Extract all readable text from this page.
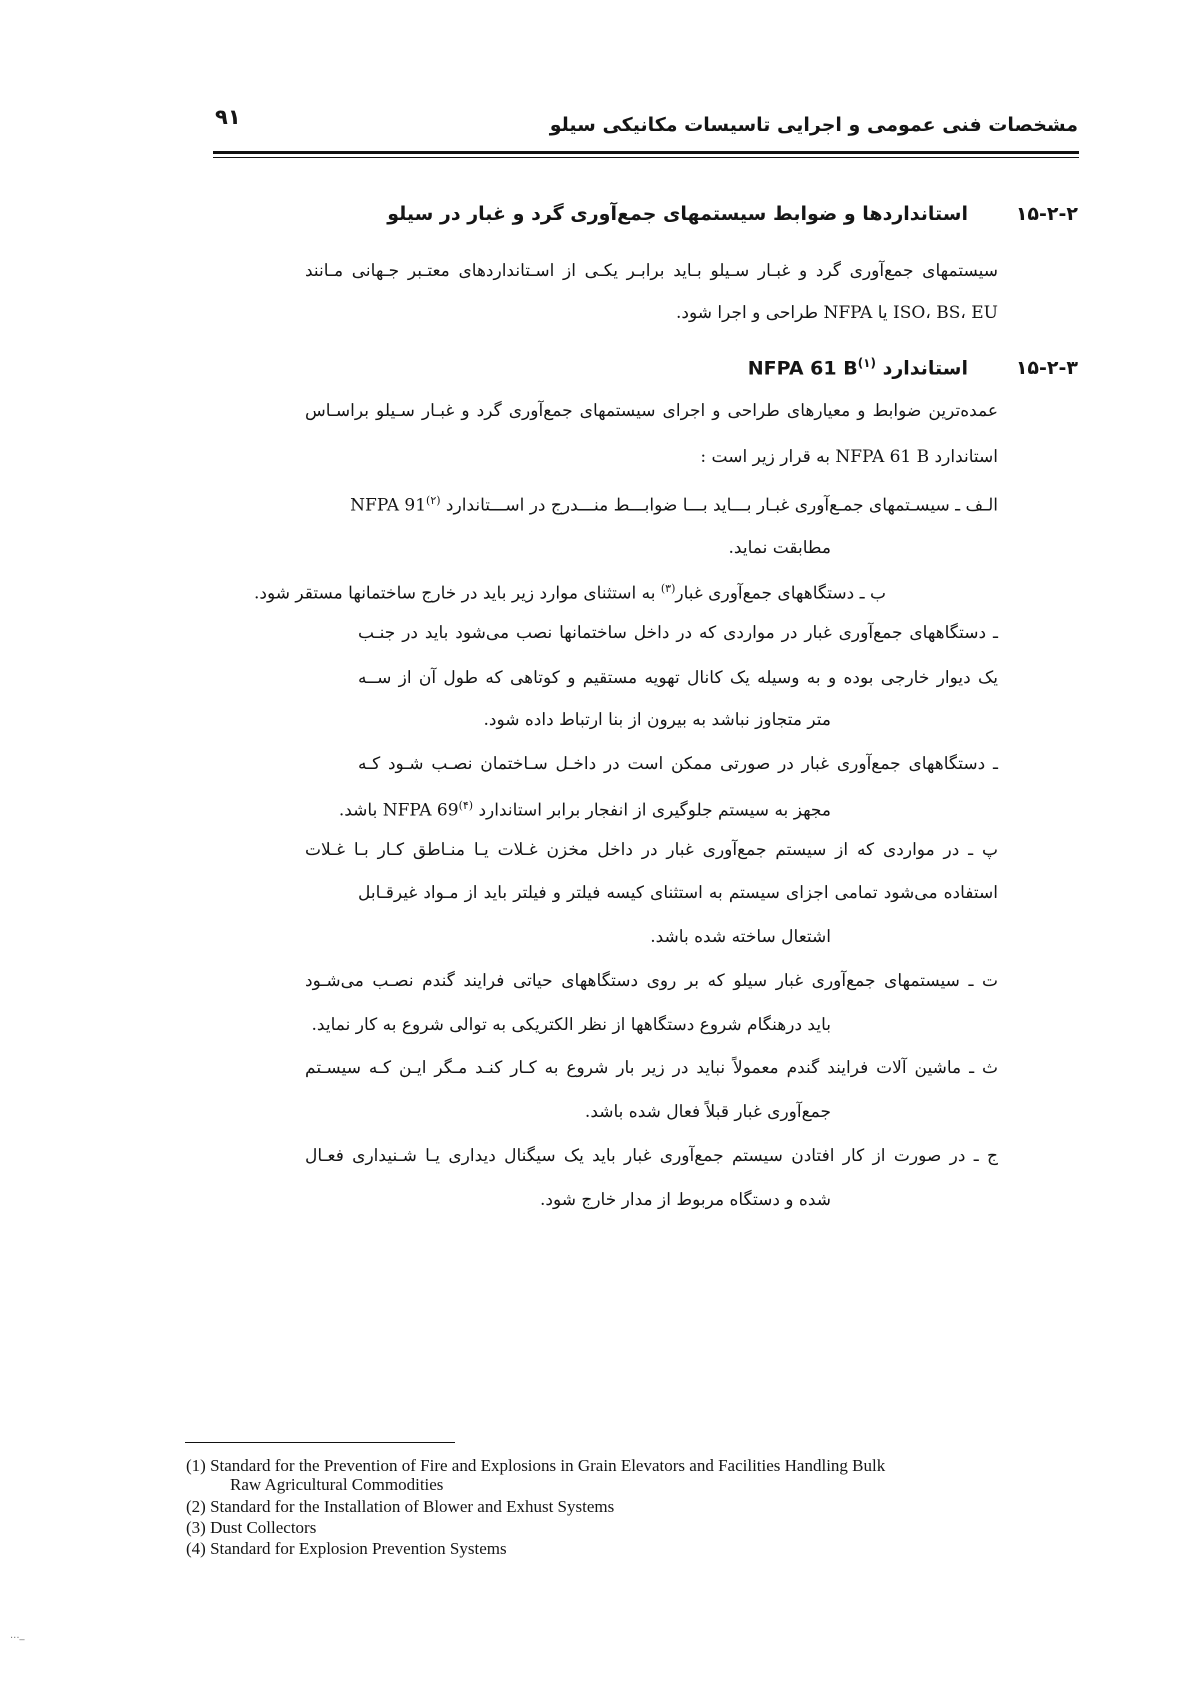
مشخصات فنی عمومی و اجرایی تاسیسات مکانیکی سیلو
۹۱
۱۵-۲-۲
استانداردها و ضوابط سیستمهای جمع‌آوری گرد و غبار در سیلو
سیستمهای جمع‌آوری گرد و غبـار سـیلو بـاید برابـر یکـی از اسـتانداردهای معتـبر جـهانی مـانند
ISO، BS، EU یا NFPA طراحی و اجرا شود.
۱۵-۲-۳
استاندارد NFPA 61 $B^{(۱)}$
عمده‌ترین ضوابط و معیارهای طراحی و اجرای سیستمهای جمع‌آوری گرد و غبـار سـیلو براسـاس
استاندارد NFPA 61 B به قرار زیر است :
الـف ـ سیسـتمهای جمـع‌آوری غبـار بـــاید بـــا ضوابـــط منـــدرج در اســـتاندارد NFPA 91$^{(۲)}$
مطابقت نماید.
ب ـ دستگاههای جمع‌آوری غبار$^{(۳)}$ به استثنای موارد زیر باید در خارج ساختمانها مستقر شود.
ـ دستگاههای جمع‌آوری غبار در مواردی که در داخل ساختمانها نصب می‌شود باید در جنـب
یک دیوار خارجی بوده و به وسیله یک کانال تهویه مستقیم و کوتاهی که طول آن از ســه
متر متجاوز نباشد به بیرون از بنا ارتباط داده شود.
ـ دستگاههای جمع‌آوری غبار در صورتی ممکن است در داخـل سـاختمان نصـب شـود کـه
مجهز به سیستم جلوگیری از انفجار برابر استاندارد NFPA 69$^{(۴)}$ باشد.
پ ـ در مواردی که از سیستم جمع‌آوری غبار در داخل مخزن غـلات یـا منـاطق کـار بـا غـلات
استفاده می‌شود تمامی اجزای سیستم به استثنای کیسه فیلتر و فیلتر باید از مـواد غیرقـابل
اشتعال ساخته شده باشد.
ت ـ سیستمهای جمع‌آوری غبار سیلو که بر روی دستگاههای حیاتی فرایند گندم نصـب می‌شـود
باید درهنگام شروع دستگاهها از نظر الکتریکی به توالی شروع به کار نماید.
ث ـ ماشین آلات فرایند گندم معمولاً نباید در زیر بار شروع به کـار کنـد مـگر ایـن کـه سیسـتم
جمع‌آوری غبار قبلاً فعال شده باشد.
ج ـ در صورت از کار افتادن سیستم جمع‌آوری غبار باید یک سیگنال دیداری یـا شـنیداری فعـال
شده و دستگاه مربوط از مدار خارج شود.
(1) Standard for the Prevention of Fire and Explosions in Grain Elevators and Facilities Handling Bulk
Raw Agricultural Commodities
(2) Standard for the Installation of Blower and Exhust Systems
(3) Dust Collectors
(4) Standard for Explosion Prevention Systems
..._
